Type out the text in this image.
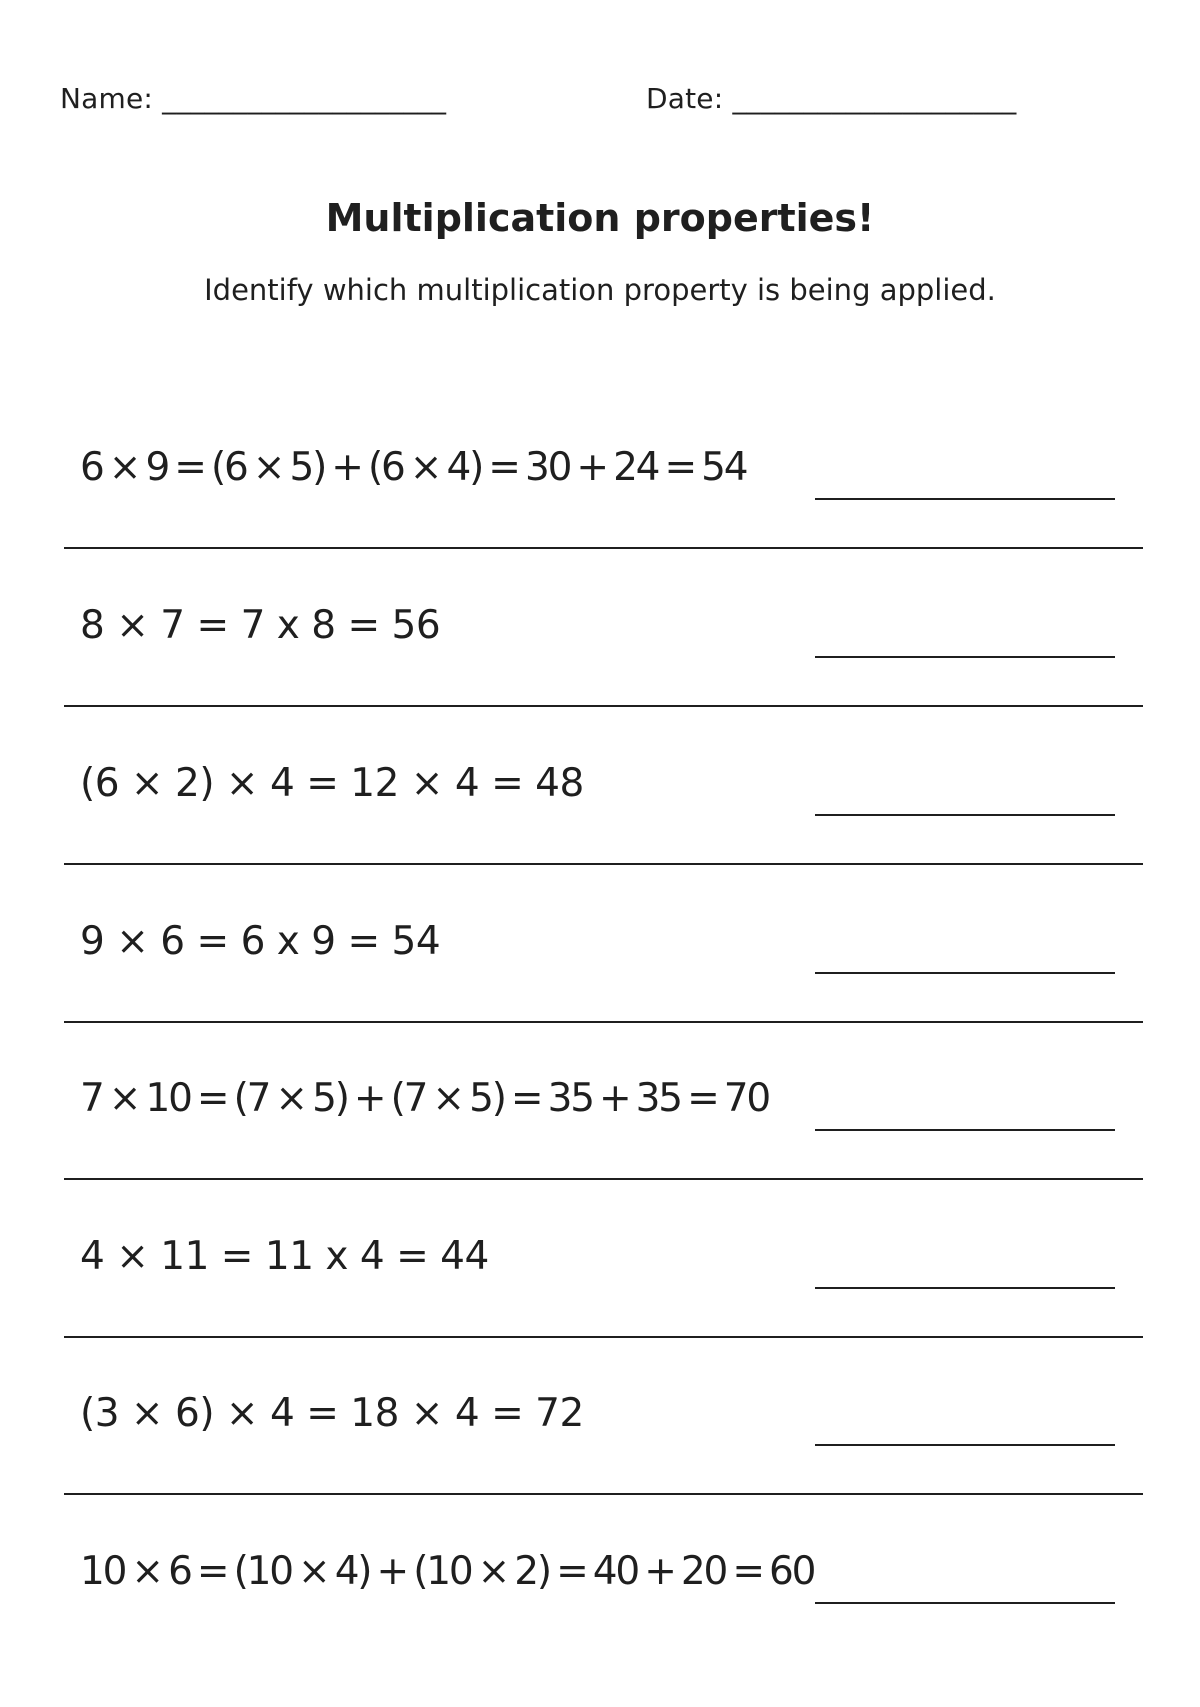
Name: ____________________	Date: ____________________
Multiplication properties!
Identify which multiplication property is being applied.
6 × 9 = (6 × 5) + (6 × 4) = 30 + 24 = 54
8 × 7 = 7 x 8 = 56
(6 × 2) × 4 = 12 × 4 = 48
9 × 6 = 6 x 9 = 54
7 × 10 = (7 × 5) + (7 × 5) = 35 + 35 = 70
4 × 11 = 11 x 4 = 44
(3 × 6) × 4 = 18 × 4 = 72
10 × 6 = (10 × 4) + (10 × 2) = 40 + 20 = 60
